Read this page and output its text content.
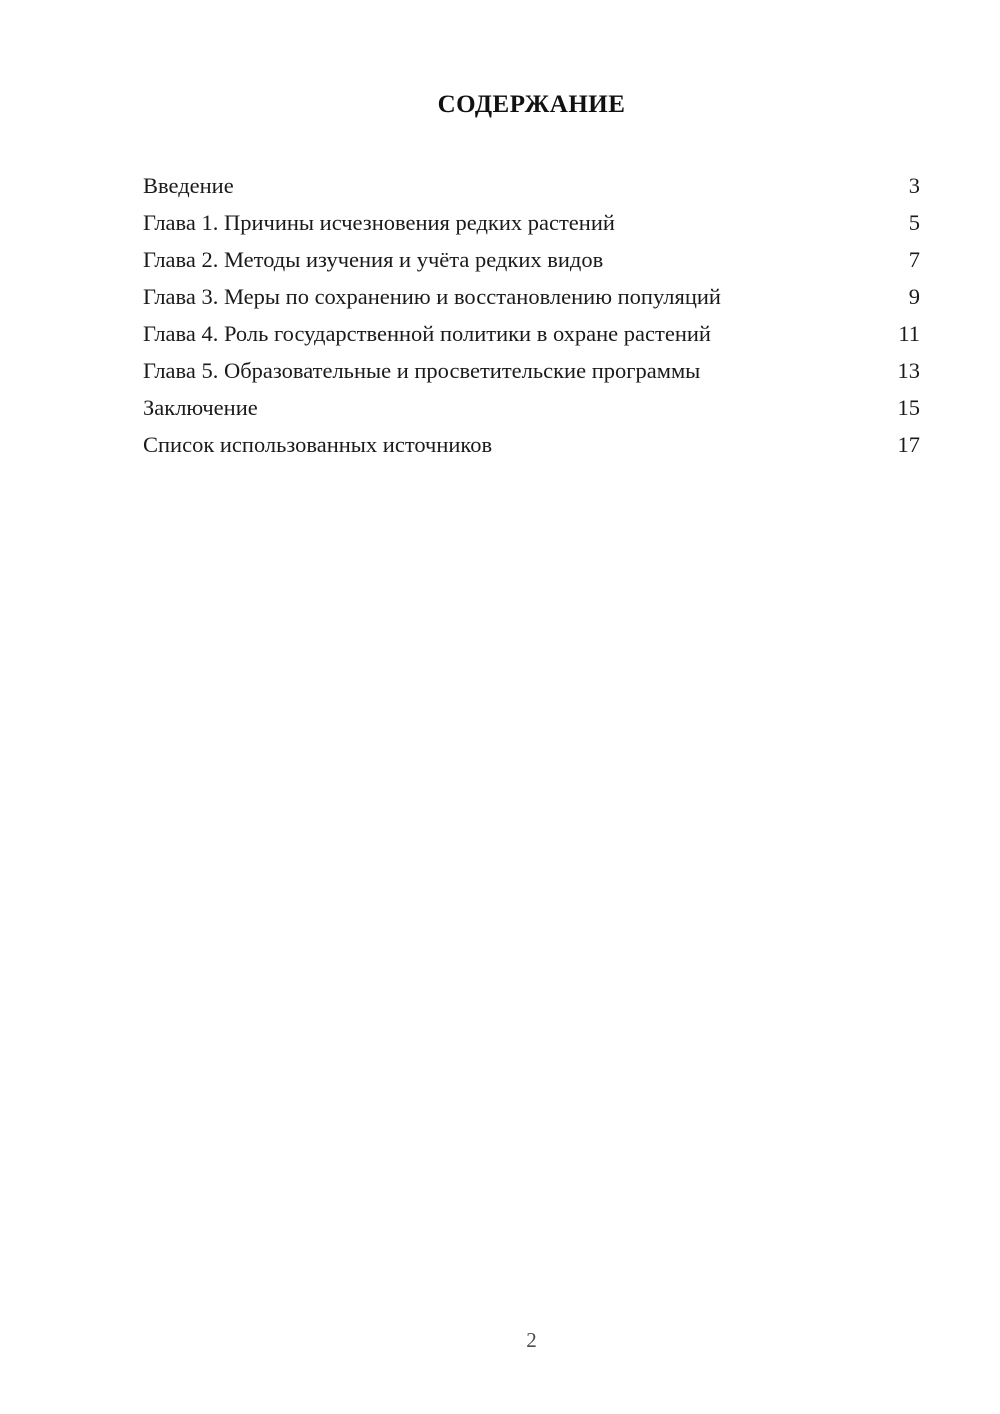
СОДЕРЖАНИЕ
Введение	3
Глава 1. Причины исчезновения редких растений	5
Глава 2. Методы изучения и учёта редких видов	7
Глава 3. Меры по сохранению и восстановлению популяций	9
Глава 4. Роль государственной политики в охране растений	11
Глава 5. Образовательные и просветительские программы	13
Заключение	15
Список использованных источников	17
2
